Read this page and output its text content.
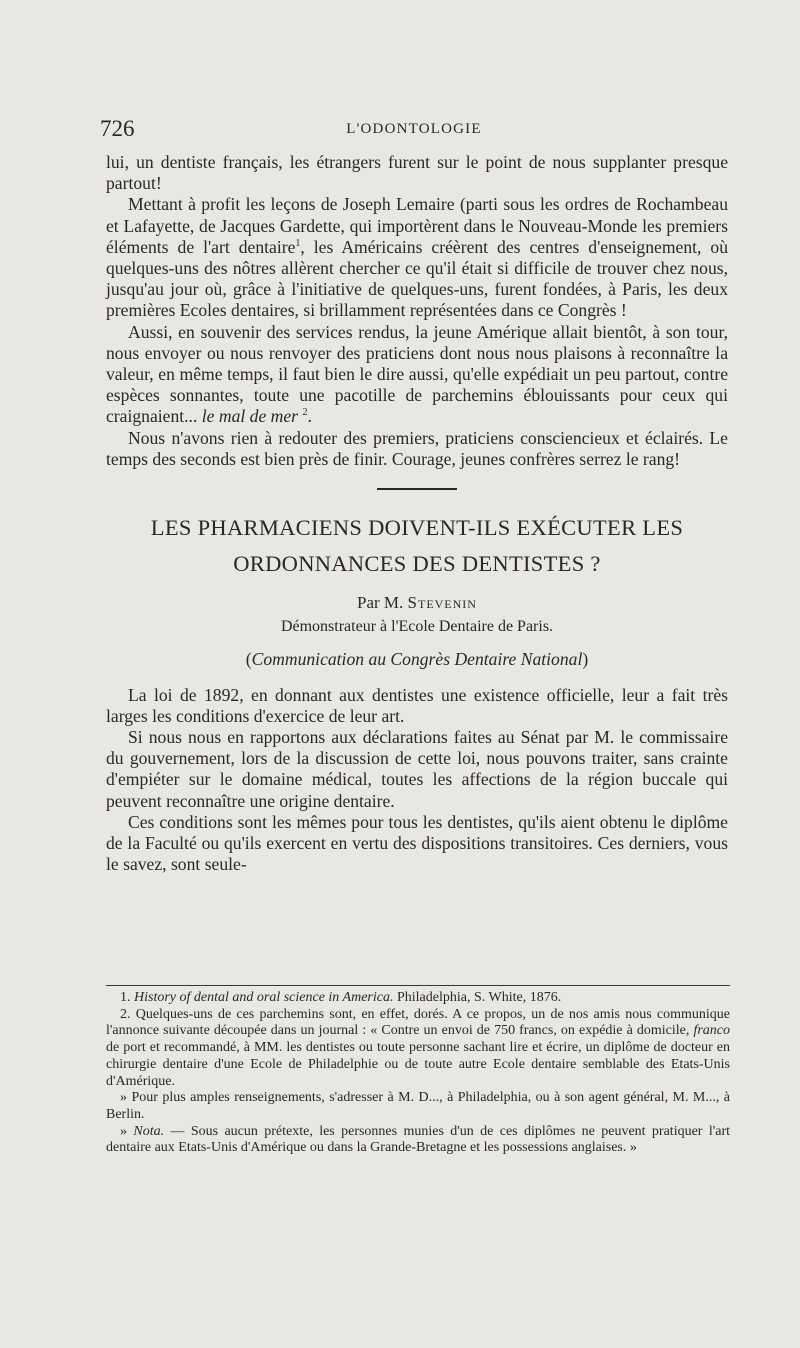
726	L'ODONTOLOGIE

lui, un dentiste français, les étrangers furent sur le point de nous supplanter presque partout!

Mettant à profit les leçons de Joseph Lemaire (parti sous les ordres de Rochambeau et Lafayette, de Jacques Gardette, qui importèrent dans le Nouveau-Monde les premiers éléments de l'art dentaire$^1$, les Américains créèrent des centres d'enseignement, où quelques-uns des nôtres allèrent chercher ce qu'il était si difficile de trouver chez nous, jusqu'au jour où, grâce à l'initiative de quelques-uns, furent fondées, à Paris, les deux premières Ecoles dentaires, si brillamment représentées dans ce Congrès !

Aussi, en souvenir des services rendus, la jeune Amérique allait bientôt, à son tour, nous envoyer ou nous renvoyer des praticiens dont nous nous plaisons à reconnaître la valeur, en même temps, il faut bien le dire aussi, qu'elle expédiait un peu partout, contre espèces sonnantes, toute une pacotille de parchemins éblouissants pour ceux qui craignaient... le mal de mer $^2$.

Nous n'avons rien à redouter des premiers, praticiens consciencieux et éclairés. Le temps des seconds est bien près de finir. Courage, jeunes confrères serrez le rang!

LES PHARMACIENS DOIVENT-ILS EXÉCUTER LES
ORDONNANCES DES DENTISTES ?
Par M. Stevenin
Démonstrateur à l'Ecole Dentaire de Paris.
(Communication au Congrès Dentaire National)

La loi de 1892, en donnant aux dentistes une existence officielle, leur a fait très larges les conditions d'exercice de leur art.

Si nous nous en rapportons aux déclarations faites au Sénat par M. le commissaire du gouvernement, lors de la discussion de cette loi, nous pouvons traiter, sans crainte d'empiéter sur le domaine médical, toutes les affections de la région buccale qui peuvent reconnaître une origine dentaire.

Ces conditions sont les mêmes pour tous les dentistes, qu'ils aient obtenu le diplôme de la Faculté ou qu'ils exercent en vertu des dispositions transitoires. Ces derniers, vous le savez, sont seule-

1. History of dental and oral science in America. Philadelphia, S. White, 1876.

2. Quelques-uns de ces parchemins sont, en effet, dorés. A ce propos, un de nos amis nous communique l'annonce suivante découpée dans un journal : « Contre un envoi de 750 francs, on expédie à domicile, franco de port et recommandé, à MM. les dentistes ou toute personne sachant lire et écrire, un diplôme de docteur en chirurgie dentaire d'une Ecole de Philadelphie ou de toute autre Ecole dentaire semblable des Etats-Unis d'Amérique.

» Pour plus amples renseignements, s'adresser à M. D..., à Philadelphia, ou à son agent général, M. M..., à Berlin.

» Nota. — Sous aucun prétexte, les personnes munies d'un de ces diplômes ne peuvent pratiquer l'art dentaire aux Etats-Unis d'Amérique ou dans la Grande-Bretagne et les possessions anglaises. »
